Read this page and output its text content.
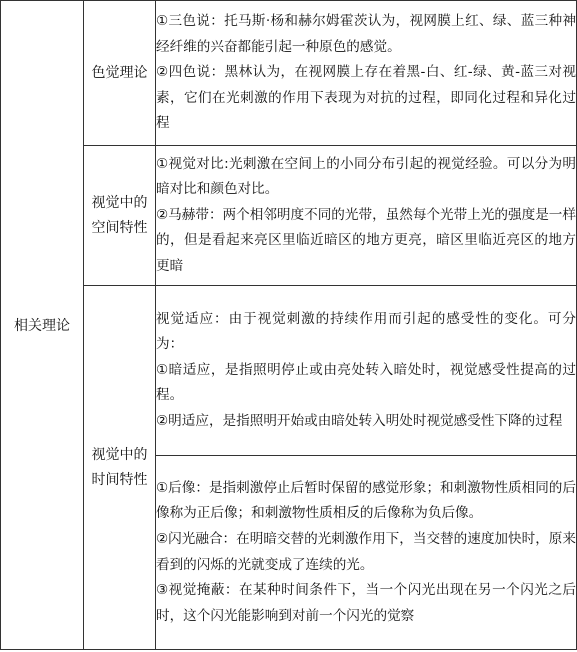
相关理论	色觉理论	①三色说：托马斯·杨和赫尔姆霍茨认为，视网膜上红、绿、蓝三种神经纤维的兴奋都能引起一种原色的感觉。
②四色说：黑林认为，在视网膜上存在着黑-白、红-绿、黄-蓝三对视素，它们在光刺激的作用下表现为对抗的过程，即同化过程和异化过程

	视觉中的
空间特性	①视觉对比:光刺激在空间上的小同分布引起的视觉经验。可以分为明暗对比和颜色对比。
②马赫带：两个相邻明度不同的光带，虽然每个光带上光的强度是一样的，但是看起来亮区里临近暗区的地方更亮，暗区里临近亮区的地方更暗

	视觉中的
时间特性	视觉适应：由于视觉刺激的持续作用而引起的感受性的变化。可分为：
①暗适应，是指照明停止或由亮处转入暗处时，视觉感受性提高的过程。
②明适应，是指照明开始或由暗处转入明处时视觉感受性下降的过程

		①后像：是指刺激停止后暂时保留的感觉形象；和刺激物性质相同的后像称为正后像；和刺激物性质相反的后像称为负后像。
②闪光融合：在明暗交替的光刺激作用下，当交替的速度加快时，原来看到的闪烁的光就变成了连续的光。
③视觉掩蔽：在某种时间条件下，当一个闪光出现在另一个闪光之后时，这个闪光能影响到对前一个闪光的觉察
